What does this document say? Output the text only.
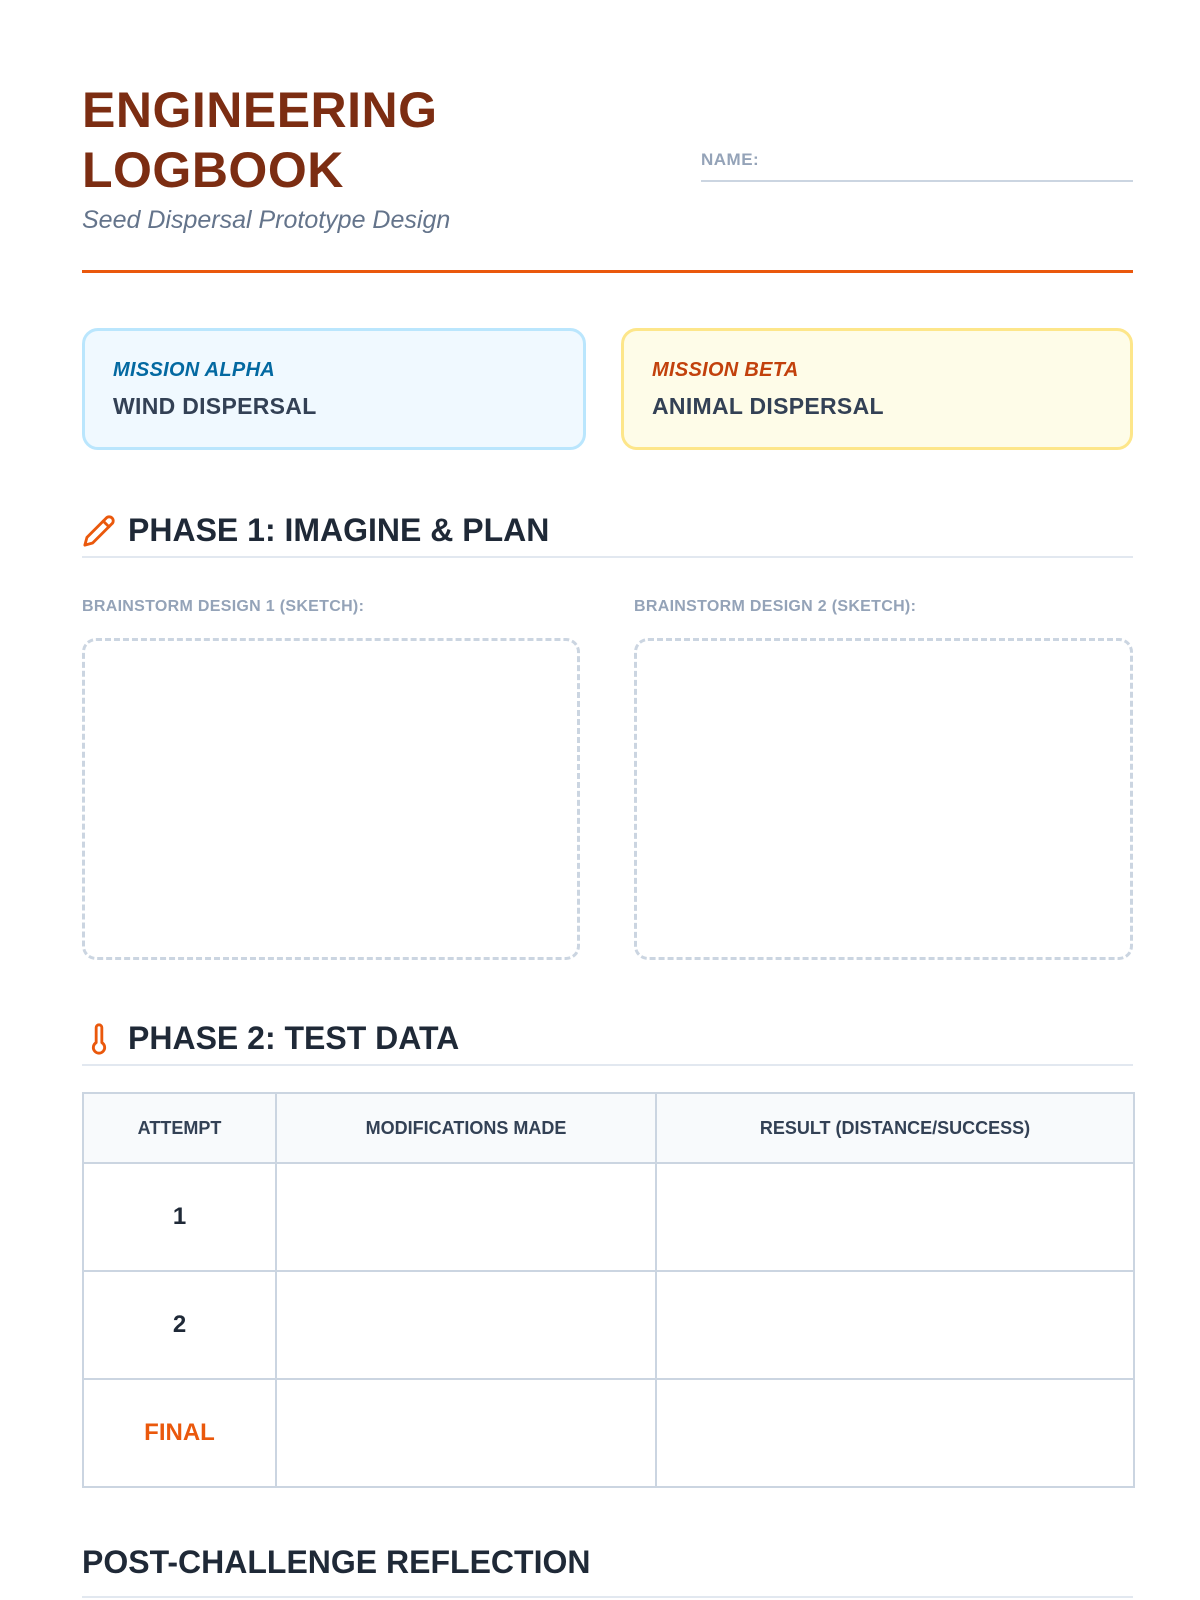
ENGINEERING
LOGBOOK
Seed Dispersal Prototype Design
NAME:
MISSION ALPHA
WIND DISPERSAL
MISSION BETA
ANIMAL DISPERSAL
PHASE 1: IMAGINE & PLAN
BRAINSTORM DESIGN 1 (SKETCH):	BRAINSTORM DESIGN 2 (SKETCH):
PHASE 2: TEST DATA
ATTEMPT	MODIFICATIONS MADE	RESULT (DISTANCE/SUCCESS)
1		
2		
FINAL		
POST-CHALLENGE REFLECTION
